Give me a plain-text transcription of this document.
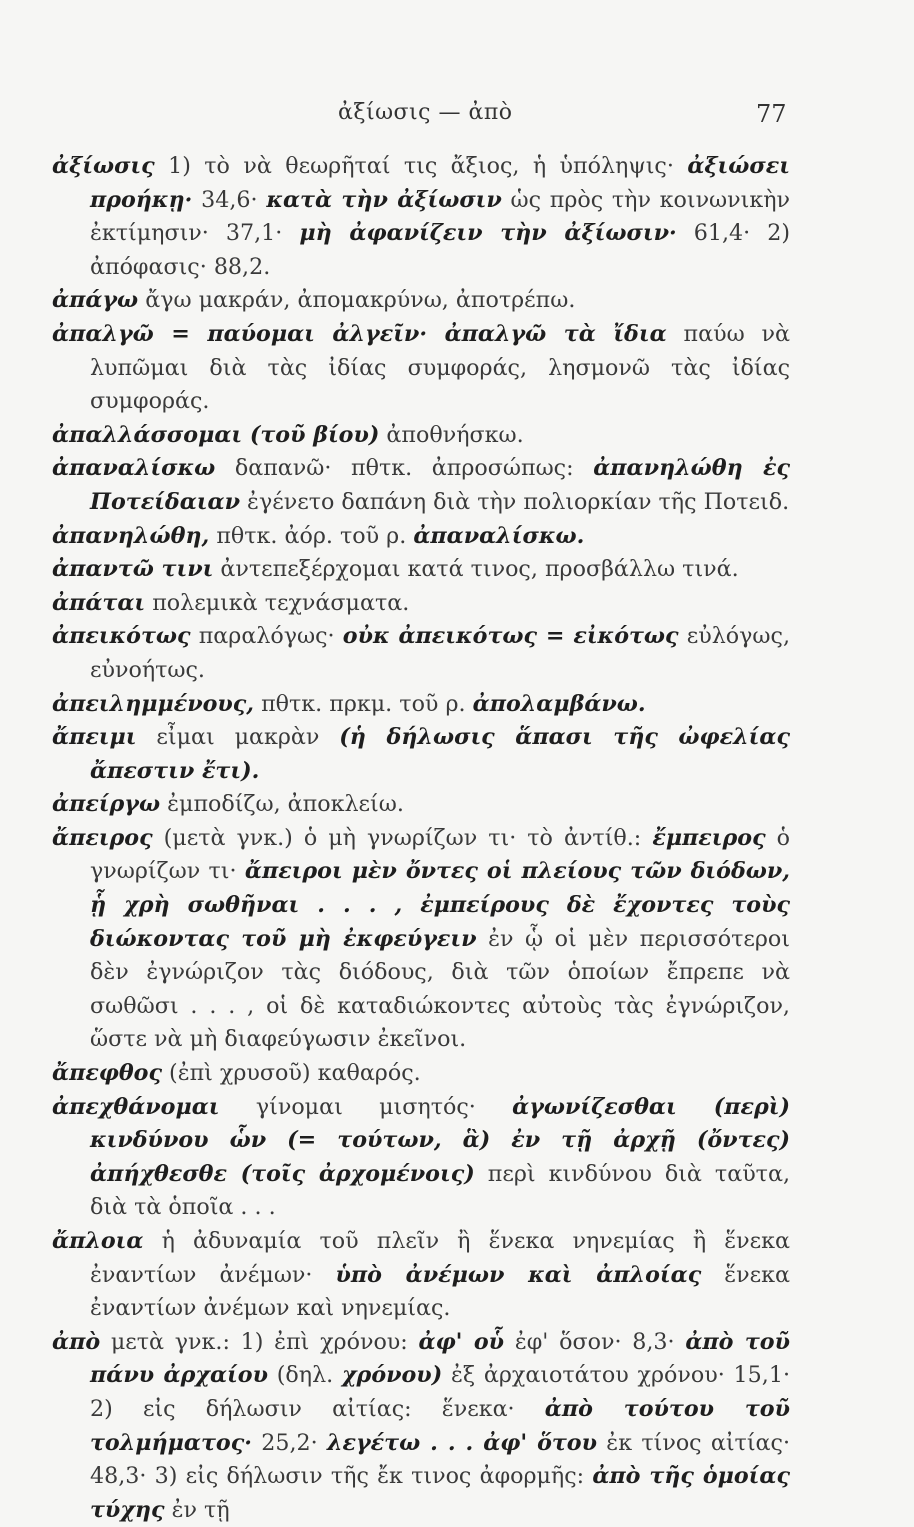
ἀξίωσις — ἀπὸ	77

ἀξίωσις 1) τὸ νὰ θεωρῆταί τις ἄξιος, ἡ ὑπόληψις· ἀξιώσει προήκῃ· 34,6· κατὰ τὴν ἀξίωσιν ὡς πρὸς τὴν κοινωνικὴν ἐκτίμησιν· 37,1· μὴ ἀφανίζειν τὴν ἀξίωσιν· 61,4· 2) ἀπόφασις· 88,2.

ἀπάγω ἄγω μακράν, ἀπομακρύνω, ἀποτρέπω.

ἀπαλγῶ = παύομαι ἀλγεῖν· ἀπαλγῶ τὰ ἴδια παύω νὰ λυπῶμαι διὰ τὰς ἰδίας συμφοράς, λησμονῶ τὰς ἰδίας συμφοράς.

ἀπαλλάσσομαι (τοῦ βίου) ἀποθνήσκω.

ἀπαναλίσκω δαπανῶ· πθτκ. ἀπροσώπως: ἀπανηλώθη ἐς Ποτείδαιαν ἐγένετο δαπάνη διὰ τὴν πολιορκίαν τῆς Ποτειδ.

ἀπανηλώθη, πθτκ. ἀόρ. τοῦ ρ. ἀπαναλίσκω.

ἀπαντῶ τινι ἀντεπεξέρχομαι κατά τινος, προσβάλλω τινά.

ἀπάται πολεμικὰ τεχνάσματα.

ἀπεικότως παραλόγως· οὐκ ἀπεικότως = εἰκότως εὐλόγως, εὐνοήτως.

ἀπειλημμένους, πθτκ. πρκμ. τοῦ ρ. ἀπολαμβάνω.

ἄπειμι εἶμαι μακρὰν (ἡ δήλωσις ἅπασι τῆς ὠφελίας ἄπεστιν ἔτι).

ἀπείργω ἐμποδίζω, ἀποκλείω.

ἄπειρος (μετὰ γνκ.) ὁ μὴ γνωρίζων τι· τὸ ἀντίθ.: ἔμπειρος ὁ γνωρίζων τι· ἄπειροι μὲν ὄντες οἱ πλείους τῶν διόδων, ᾗ χρὴ σωθῆναι . . . , ἐμπείρους δὲ ἔχοντες τοὺς διώκοντας τοῦ μὴ ἐκφεύγειν ἐν ᾧ οἱ μὲν περισσότεροι δὲν ἐγνώριζον τὰς διόδους, διὰ τῶν ὁποίων ἔπρεπε νὰ σωθῶσι . . . , οἱ δὲ καταδιώκοντες αὐτοὺς τὰς ἐγνώριζον, ὥστε νὰ μὴ διαφεύγωσιν ἐκεῖνοι.

ἄπεφθος (ἐπὶ χρυσοῦ) καθαρός.

ἀπεχθάνομαι γίνομαι μισητός· ἀγωνίζεσθαι (περὶ) κινδύνου ὧν (= τούτων, ἃ) ἐν τῇ ἀρχῇ (ὄντες) ἀπήχθεσθε (τοῖς ἀρχομένοις) περὶ κινδύνου διὰ ταῦτα, διὰ τὰ ὁποῖα . . .

ἄπλοια ἡ ἀδυναμία τοῦ πλεῖν ἢ ἕνεκα νηνεμίας ἢ ἕνεκα ἐναντίων ἀνέμων· ὑπὸ ἀνέμων καὶ ἀπλοίας ἕνεκα ἐναντίων ἀνέμων καὶ νηνεμίας.

ἀπὸ μετὰ γνκ.: 1) ἐπὶ χρόνου: ἀφ' οὗ ἐφ' ὅσον· 8,3· ἀπὸ τοῦ πάνυ ἀρχαίου (δηλ. χρόνου) ἐξ ἀρχαιοτάτου χρόνου· 15,1· 2) εἰς δήλωσιν αἰτίας: ἕνεκα· ἀπὸ τούτου τοῦ τολμήματος· 25,2· λεγέτω . . . ἀφ' ὅτου ἐκ τίνος αἰτίας· 48,3· 3) εἰς δήλωσιν τῆς ἔκ τινος ἀφορμῆς: ἀπὸ τῆς ὁμοίας τύχης ἐν τῇ
